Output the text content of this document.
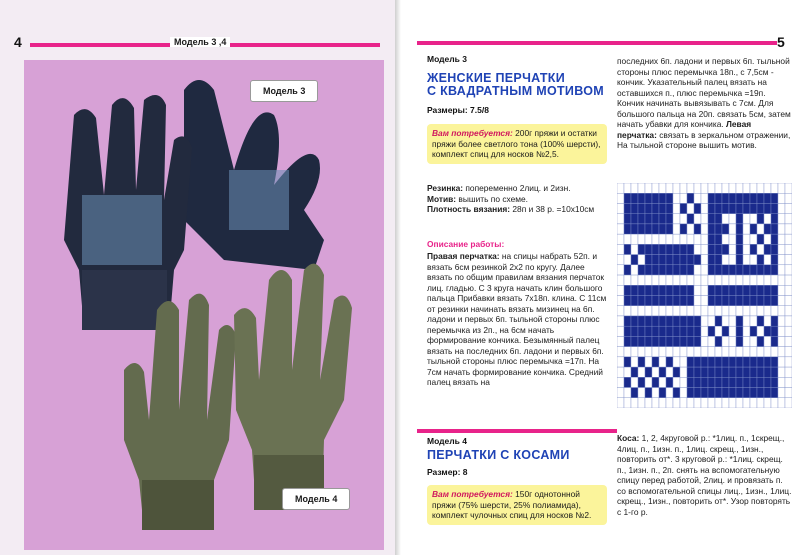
4	Модель 3 ,4
Модель 3
Модель 4
5
Модель 3
ЖЕНСКИЕ ПЕРЧАТКИ
С КВАДРАТНЫМ МОТИВОМ
Размеры: 7.5/8
Вам потребуется: 200г пряжи и остатки пряжи более светлого тона (100% шерсти), комплект спиц для носков №2,5.
Резинка: попеременно 2лиц. и 2изн.
Мотив: вышить по схеме.
Плотность вязания: 28п и 38 р. =10х10см
Описание работы:
Правая перчатка: на спицы набрать 52п. и вязать 6см резинкой 2х2 по кругу. Далее вязать по общим правилам вязания перчаток лиц. гладью. С 3 круга начать клин большого пальца Прибавки вязать 7х18п. клина. С 11см от резинки начинать вязать мизинец на 6п. ладони и первых 6п. тыльной стороны плюс перемычка из 2п., на 6см начать формирование кончика. Безымянный палец вязать на последних 6п. ладони и первых 6п. тыльной стороны плюс перемычка =17п. На 7см начать формирование кончика. Средний палец вязать на
последних 6п. ладони и первых 6п. тыльной стороны плюс перемычка 18п., с 7,5см - кончик. Указательный палец вязать на оставшихся п., плюс перемычка =19п. Кончик начинать вывязывать с 7см. Для большого пальца на 20п. связать 5см, затем начать убавки для кончика. Левая перчатка: связать в зеркальном отражении, На тыльной стороне вышить мотив.
Модель 4
ПЕРЧАТКИ С КОСАМИ
Размер: 8
Вам потребуется: 150г однотонной пряжи (75% шерсти, 25% полиамида), комплект чулочных спиц для носков №2.
Коса: 1, 2, 4круговой р.: *1лиц. п., 1скрещ., 4лиц. п., 1изн. п., 1лиц. скрещ., 1изн., повторить от*. 3 круговой р.: *1лиц. скрещ. п., 1изн. п., 2п. снять на вспомогательную спицу перед работой, 2лиц. и провязать п. со вспомогательной спицы лиц., 1изн., 1лиц. скрещ., 1изн., повторить от*. Узор повторять с 1-го р.
